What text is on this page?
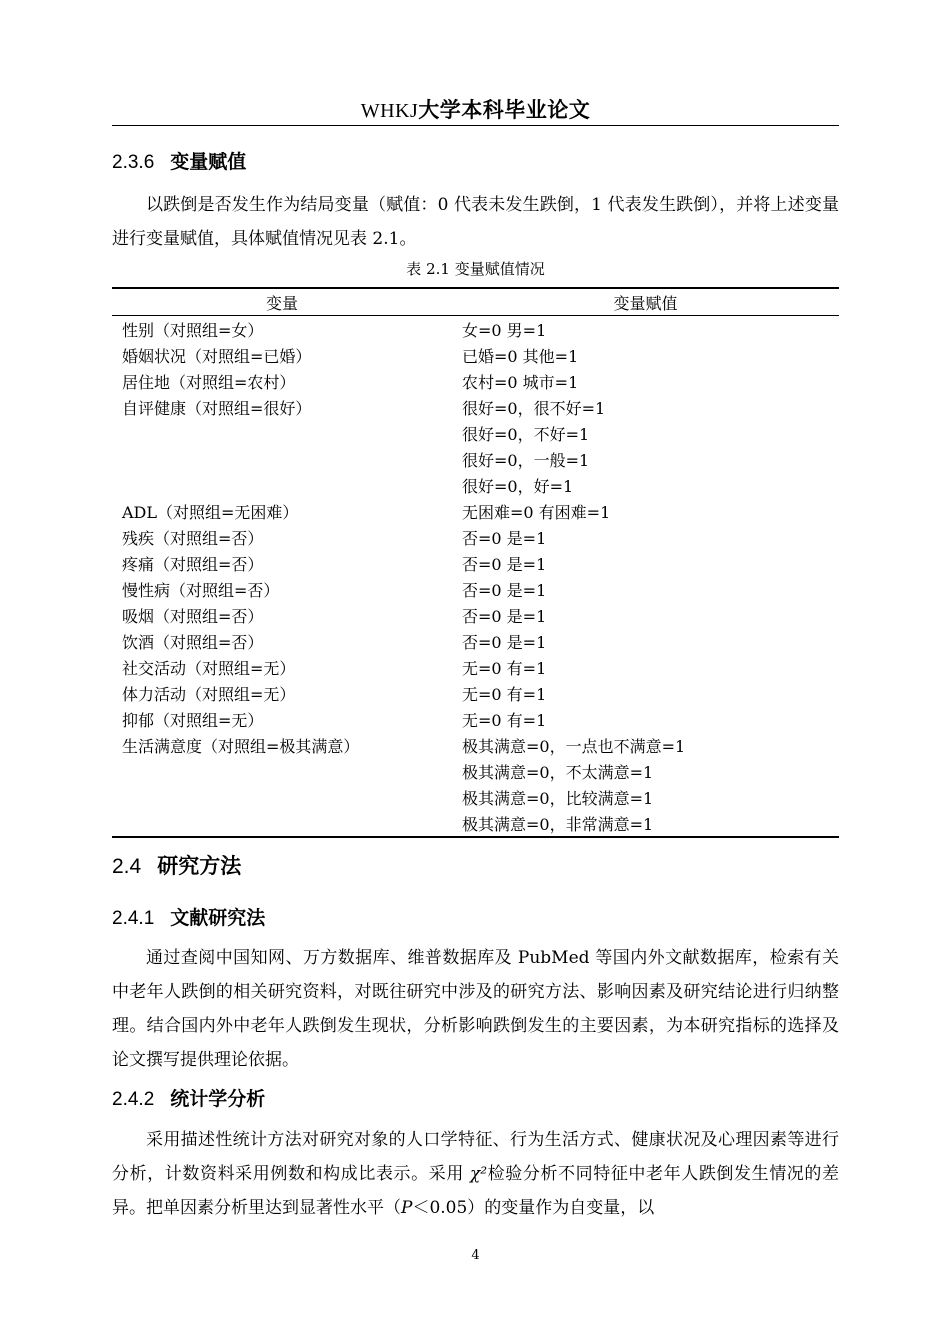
WHKJ大学本科毕业论文
2.3.6 变量赋值
以跌倒是否发生作为结局变量（赋值：0 代表未发生跌倒，1 代表发生跌倒），并将上述变量进行变量赋值，具体赋值情况见表 2.1。
表 2.1 变量赋值情况
变量	变量赋值
性别（对照组=女）	女=0 男=1
婚姻状况（对照组=已婚）	已婚=0 其他=1
居住地（对照组=农村）	农村=0 城市=1
自评健康（对照组=很好）	很好=0，很不好=1
	很好=0，不好=1
	很好=0，一般=1
	很好=0，好=1
ADL（对照组=无困难）	无困难=0 有困难=1
残疾（对照组=否）	否=0 是=1
疼痛（对照组=否）	否=0 是=1
慢性病（对照组=否）	否=0 是=1
吸烟（对照组=否）	否=0 是=1
饮酒（对照组=否）	否=0 是=1
社交活动（对照组=无）	无=0 有=1
体力活动（对照组=无）	无=0 有=1
抑郁（对照组=无）	无=0 有=1
生活满意度（对照组=极其满意）	极其满意=0，一点也不满意=1
	极其满意=0，不太满意=1
	极其满意=0，比较满意=1
	极其满意=0，非常满意=1
2.4 研究方法
2.4.1 文献研究法
通过查阅中国知网、万方数据库、维普数据库及 PubMed 等国内外文献数据库，检索有关中老年人跌倒的相关研究资料，对既往研究中涉及的研究方法、影响因素及研究结论进行归纳整理。结合国内外中老年人跌倒发生现状，分析影响跌倒发生的主要因素，为本研究指标的选择及论文撰写提供理论依据。
2.4.2 统计学分析
采用描述性统计方法对研究对象的人口学特征、行为生活方式、健康状况及心理因素等进行分析，计数资料采用例数和构成比表示。采用 χ²检验分析不同特征中老年人跌倒发生情况的差异。把单因素分析里达到显著性水平（P＜0.05）的变量作为自变量，以
4
